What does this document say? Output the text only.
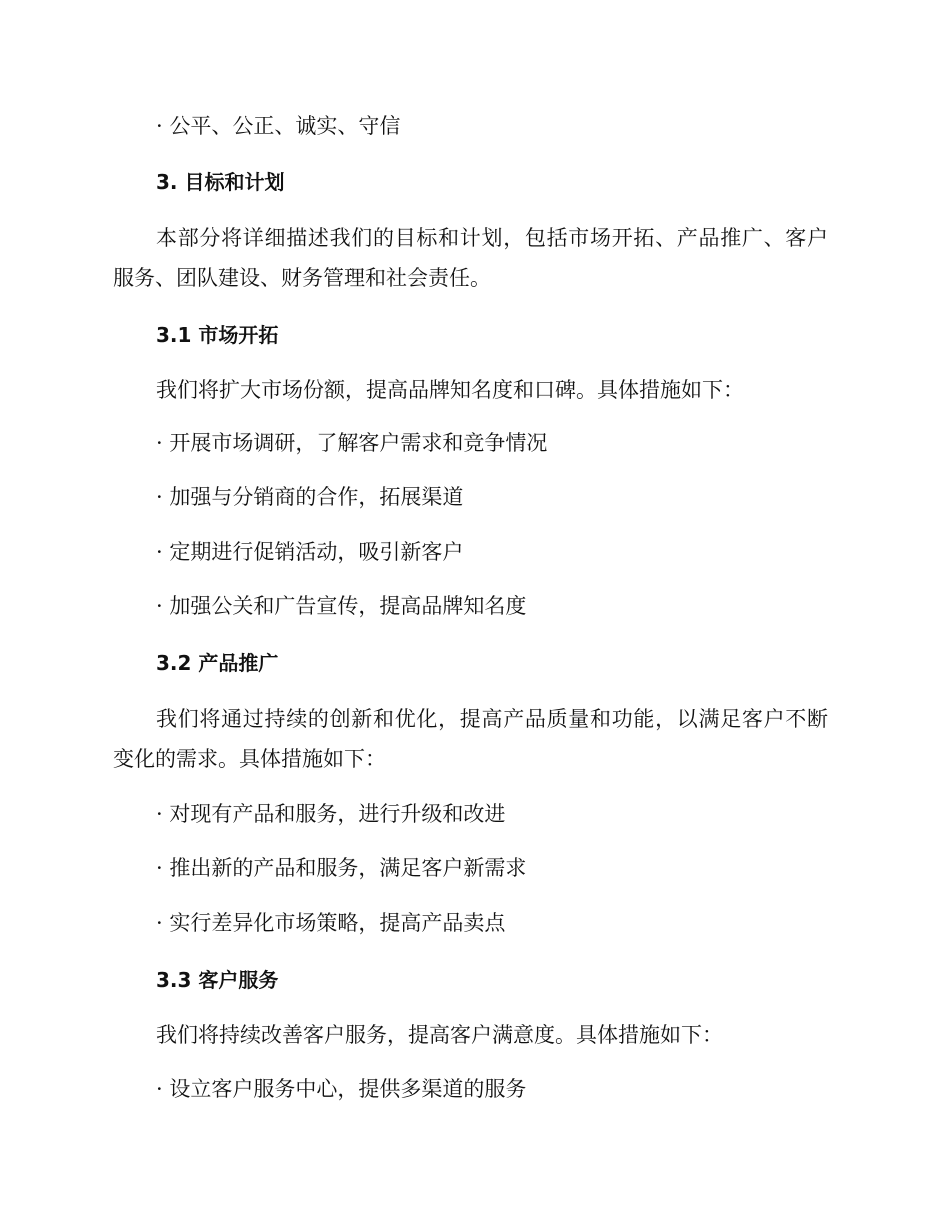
· 公平、公正、诚实、守信

3. 目标和计划

本部分将详细描述我们的目标和计划，包括市场开拓、产品推广、客户

服务、团队建设、财务管理和社会责任。

3.1 市场开拓

我们将扩大市场份额，提高品牌知名度和口碑。具体措施如下：

· 开展市场调研，了解客户需求和竞争情况

· 加强与分销商的合作，拓展渠道

· 定期进行促销活动，吸引新客户

· 加强公关和广告宣传，提高品牌知名度

3.2 产品推广

我们将通过持续的创新和优化，提高产品质量和功能，以满足客户不断

变化的需求。具体措施如下：

· 对现有产品和服务，进行升级和改进

· 推出新的产品和服务，满足客户新需求

· 实行差异化市场策略，提高产品卖点

3.3 客户服务

我们将持续改善客户服务，提高客户满意度。具体措施如下：

· 设立客户服务中心，提供多渠道的服务
